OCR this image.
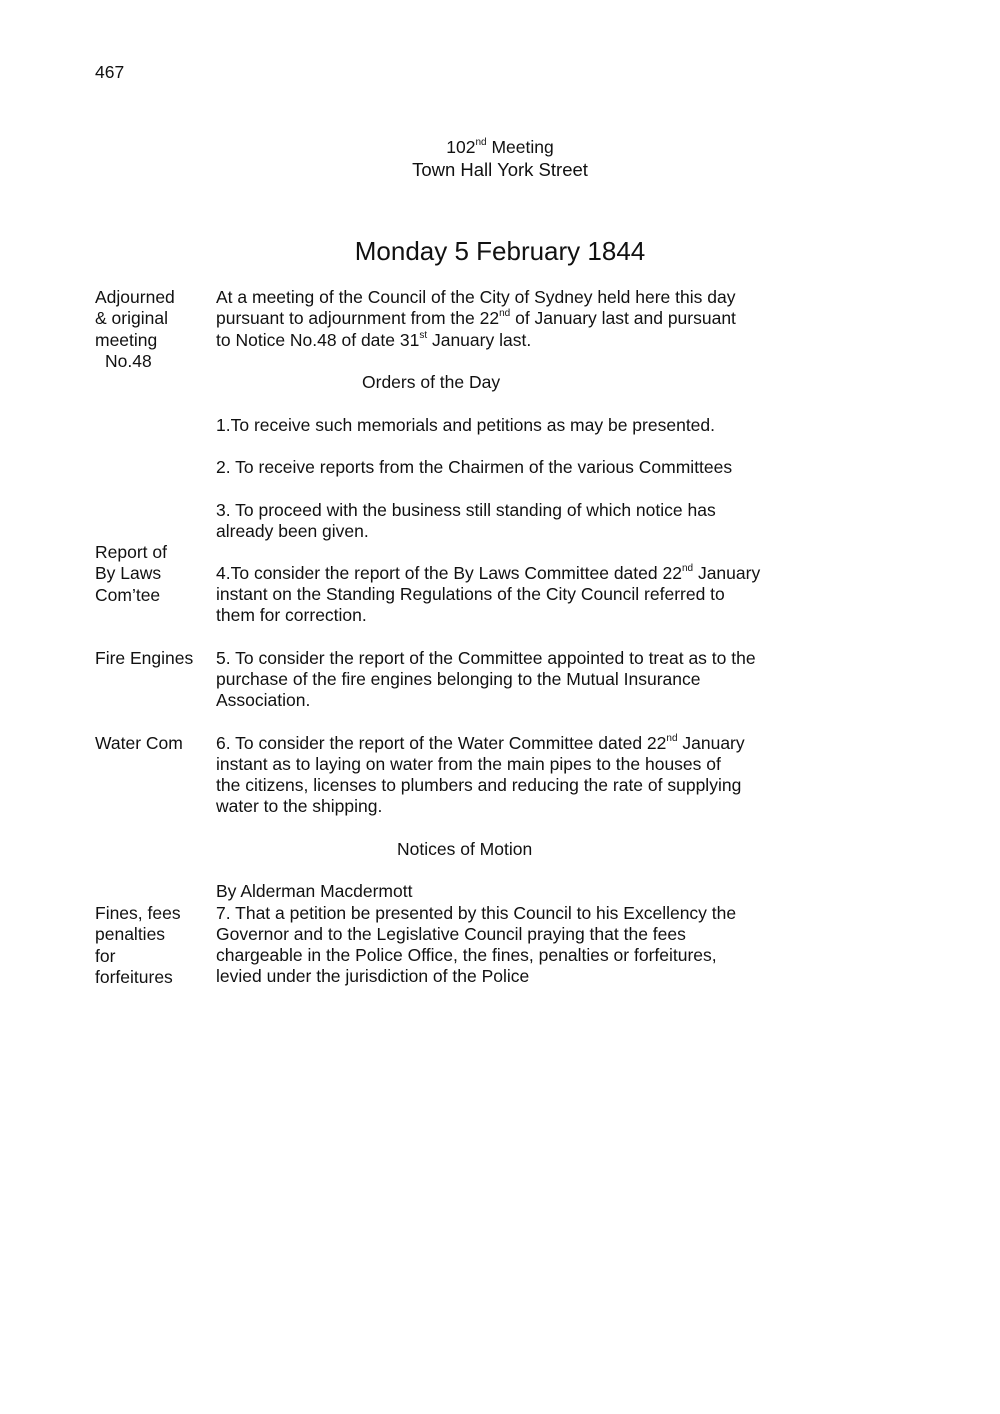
467
102nd Meeting
Town Hall York Street
Monday 5 February 1844
Adjourned
& original
meeting
No.48
At a meeting of the Council of the City of Sydney held here this day
pursuant to adjournment from the 22nd of January last and pursuant
to Notice No.48 of date 31st January last.
Orders of the Day
1.To receive such memorials and petitions as may be presented.
2. To receive reports from the Chairmen of the various Committees
3. To proceed with the business still standing of which notice has
already been given.
Report of
By Laws
Com’tee
4.To consider the report of the By Laws Committee dated 22nd January
instant on the Standing Regulations of the City Council referred to
them for correction.
Fire Engines	5. To consider the report of the Committee appointed to treat as to the
purchase of the fire engines belonging to the Mutual Insurance
Association.
Water Com	6. To consider the report of the Water Committee dated 22nd January
instant as to laying on water from the main pipes to the houses of
the citizens, licenses to plumbers and reducing the rate of supplying
water to the shipping.
Notices of Motion
By Alderman Macdermott
Fines, fees
penalties
for
forfeitures
7. That a petition be presented by this Council to his Excellency the
Governor and to the Legislative Council praying that the fees
chargeable in the Police Office, the fines, penalties or forfeitures,
levied under the jurisdiction of the Police
